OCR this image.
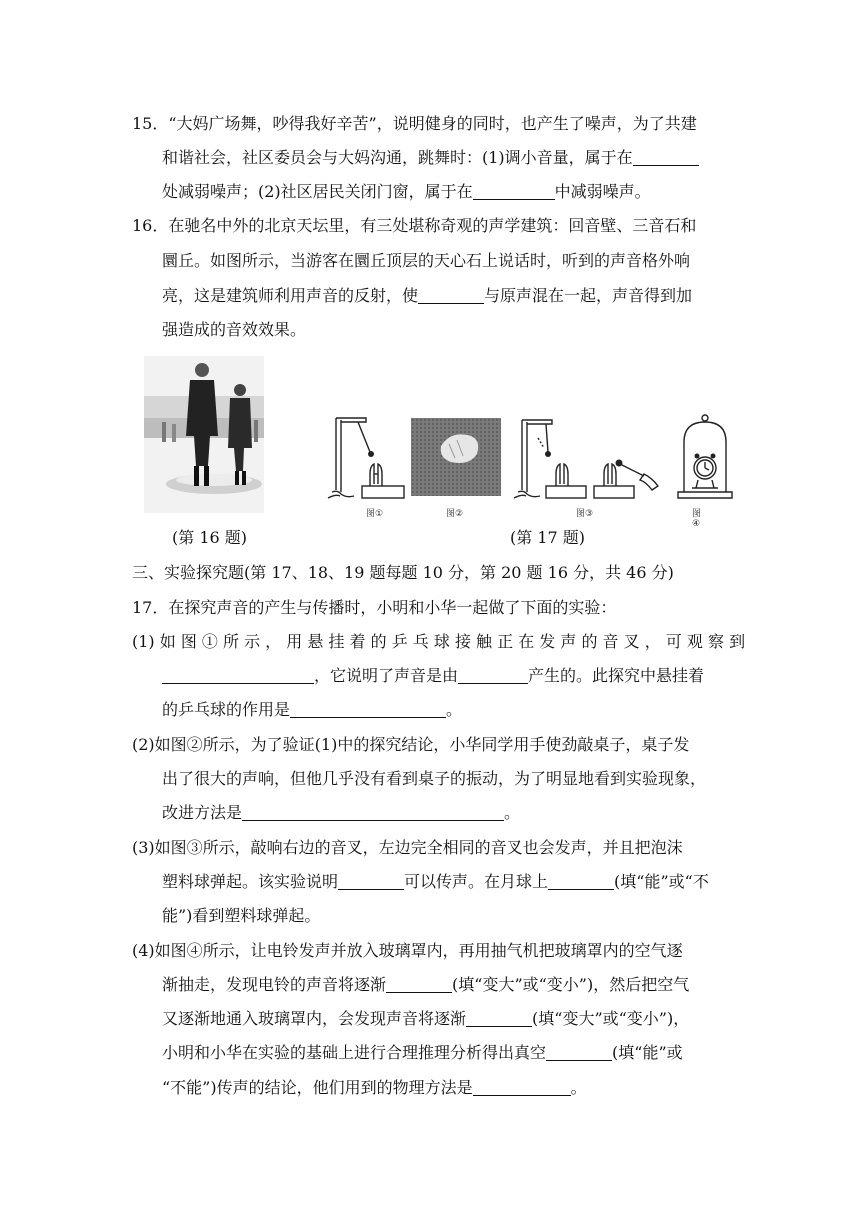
15．“大妈广场舞，吵得我好辛苦”，说明健身的同时，也产生了噪声，为了共建
和谐社会，社区委员会与大妈沟通，跳舞时：(1)调小音量，属于在
处减弱噪声；(2)社区居民关闭门窗，属于在	中减弱噪声。
16．在驰名中外的北京天坛里，有三处堪称奇观的声学建筑：回音壁、三音石和
圜丘。如图所示，当游客在圜丘顶层的天心石上说话时，听到的声音格外响
亮，这是建筑师利用声音的反射，使	与原声混在一起，声音得到加
强造成的音效效果。
图①	图②	图③	图④
(第 16 题)	(第 17 题)
三、实验探究题(第 17、18、19 题每题 10 分，第 20 题 16 分，共 46 分)
17．在探究声音的产生与传播时，小明和小华一起做了下面的实验：
(1) 如 图 ① 所 示 ， 用 悬 挂 着 的 乒 乓 球 接 触 正 在 发 声 的 音 叉 ， 可 观 察 到
，它说明了声音是由	产生的。此探究中悬挂着
的乒乓球的作用是	。
(2)如图②所示，为了验证(1)中的探究结论，小华同学用手使劲敲桌子，桌子发
出了很大的声响，但他几乎没有看到桌子的振动，为了明显地看到实验现象，
改进方法是	。
(3)如图③所示，敲响右边的音叉，左边完全相同的音叉也会发声，并且把泡沫
塑料球弹起。该实验说明	可以传声。在月球上	(填“能”或“不
能”)看到塑料球弹起。
(4)如图④所示，让电铃发声并放入玻璃罩内，再用抽气机把玻璃罩内的空气逐
渐抽走，发现电铃的声音将逐渐	(填“变大”或“变小”)，然后把空气
又逐渐地通入玻璃罩内，会发现声音将逐渐	(填“变大”或“变小”)，
小明和小华在实验的基础上进行合理推理分析得出真空	(填“能”或
“不能”)传声的结论，他们用到的物理方法是	。
